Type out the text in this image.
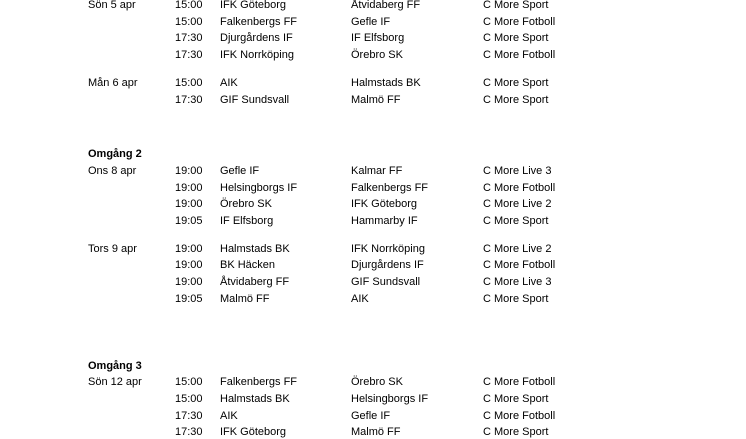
Sön 5 apr	15:00 IFK Göteborg	Åtvidaberg FF	C More Sport
15:00 Falkenbergs FF	Gefle IF	C More Fotboll
17:30 Djurgårdens IF	IF Elfsborg	C More Sport
17:30 IFK Norrköping	Örebro SK	C More Fotboll
Mån 6 apr	15:00 AIK	Halmstads BK	C More Sport
17:30 GIF Sundsvall	Malmö FF	C More Sport
Omgång 2
Ons 8 apr	19:00 Gefle IF	Kalmar FF	C More Live 3
19:00 Helsingborgs IF	Falkenbergs FF	C More Fotboll
19:00 Örebro SK	IFK Göteborg	C More Live 2
19:05 IF Elfsborg	Hammarby IF	C More Sport
Tors 9 apr	19:00 Halmstads BK	IFK Norrköping	C More Live 2
19:00 BK Häcken	Djurgårdens IF	C More Fotboll
19:00 Åtvidaberg FF	GIF Sundsvall	C More Live 3
19:05 Malmö FF	AIK	C More Sport
Omgång 3
Sön 12 apr	15:00 Falkenbergs FF	Örebro SK	C More Fotboll
15:00 Halmstads BK	Helsingborgs IF	C More Sport
17:30 AIK	Gefle IF	C More Fotboll
17:30 IFK Göteborg	Malmö FF	C More Sport
